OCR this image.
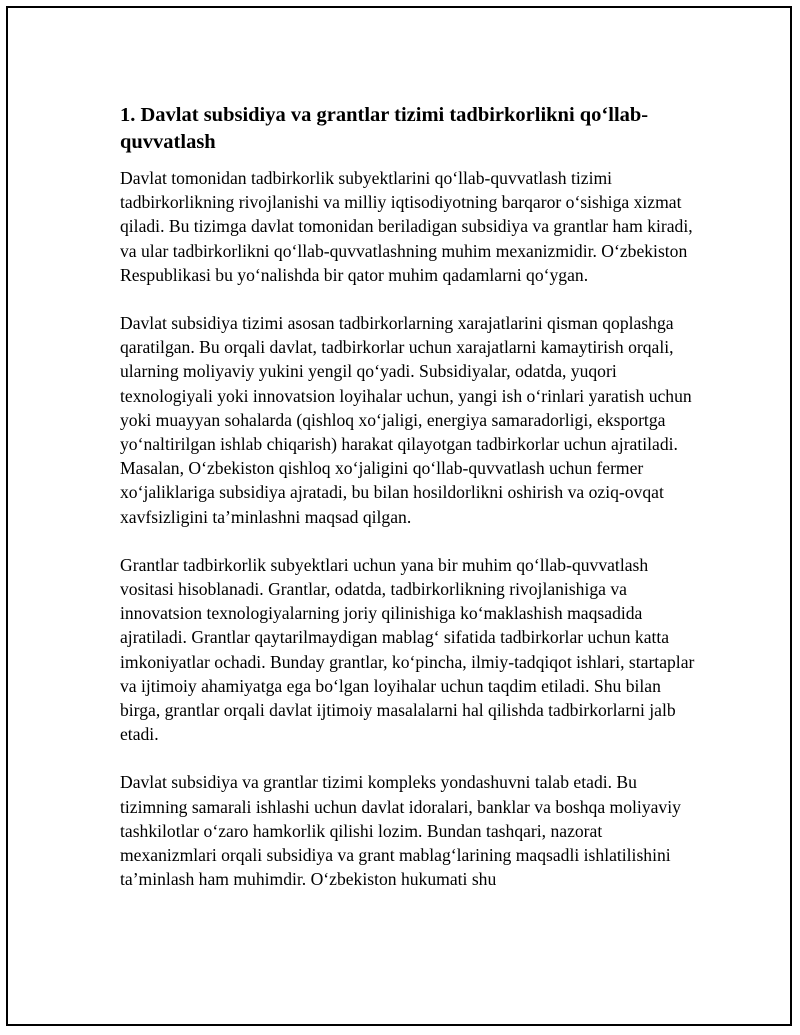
1. Davlat subsidiya va grantlar tizimi tadbirkorlikni qo‘llab-quvvatlash

Davlat tomonidan tadbirkorlik subyektlarini qo‘llab-quvvatlash tizimi tadbirkorlikning rivojlanishi va milliy iqtisodiyotning barqaror o‘sishiga xizmat qiladi. Bu tizimga davlat tomonidan beriladigan subsidiya va grantlar ham kiradi, va ular tadbirkorlikni qo‘llab-quvvatlashning muhim mexanizmidir. O‘zbekiston Respublikasi bu yo‘nalishda bir qator muhim qadamlarni qo‘ygan.

Davlat subsidiya tizimi asosan tadbirkorlarning xarajatlarini qisman qoplashga qaratilgan. Bu orqali davlat, tadbirkorlar uchun xarajatlarni kamaytirish orqali, ularning moliyaviy yukini yengil qo‘yadi. Subsidiyalar, odatda, yuqori texnologiyali yoki innovatsion loyihalar uchun, yangi ish o‘rinlari yaratish uchun yoki muayyan sohalarda (qishloq xo‘jaligi, energiya samaradorligi, eksportga yo‘naltirilgan ishlab chiqarish) harakat qilayotgan tadbirkorlar uchun ajratiladi. Masalan, O‘zbekiston qishloq xo‘jaligini qo‘llab-quvvatlash uchun fermer xo‘jaliklariga subsidiya ajratadi, bu bilan hosildorlikni oshirish va oziq-ovqat xavfsizligini ta’minlashni maqsad qilgan.

Grantlar tadbirkorlik subyektlari uchun yana bir muhim qo‘llab-quvvatlash vositasi hisoblanadi. Grantlar, odatda, tadbirkorlikning rivojlanishiga va innovatsion texnologiyalarning joriy qilinishiga ko‘maklashish maqsadida ajratiladi. Grantlar qaytarilmaydigan mablag‘ sifatida tadbirkorlar uchun katta imkoniyatlar ochadi. Bunday grantlar, ko‘pincha, ilmiy-tadqiqot ishlari, startaplar va ijtimoiy ahamiyatga ega bo‘lgan loyihalar uchun taqdim etiladi. Shu bilan birga, grantlar orqali davlat ijtimoiy masalalarni hal qilishda tadbirkorlarni jalb etadi.

Davlat subsidiya va grantlar tizimi kompleks yondashuvni talab etadi. Bu tizimning samarali ishlashi uchun davlat idoralari, banklar va boshqa moliyaviy tashkilotlar o‘zaro hamkorlik qilishi lozim. Bundan tashqari, nazorat mexanizmlari orqali subsidiya va grant mablag‘larining maqsadli ishlatilishini ta’minlash ham muhimdir. O‘zbekiston hukumati shu
